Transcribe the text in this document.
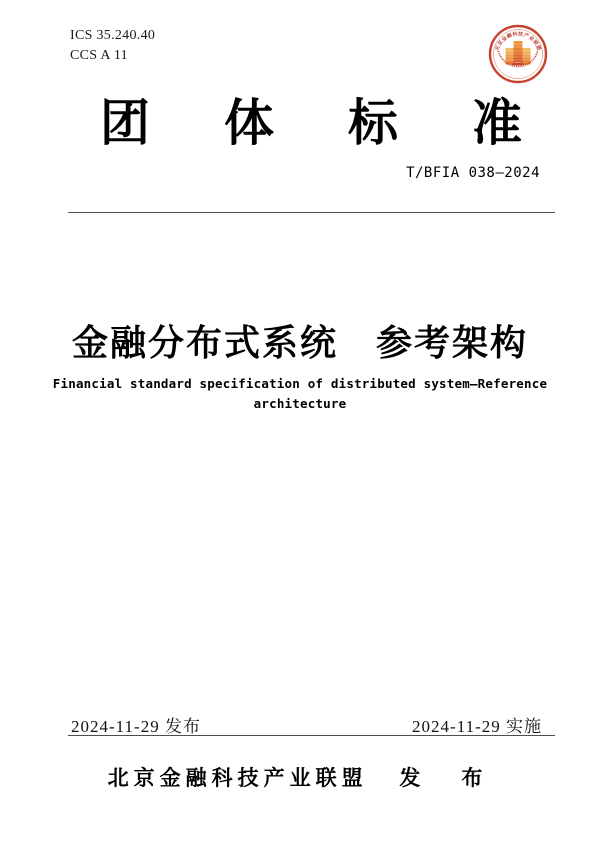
ICS 35.240.40
CCS A 11	北京金融科技产业联盟
团体标准
T/BFIA 038—2024
金融分布式系统　参考架构
Financial standard specification of distributed system—Reference
architecture
2024-11-29 发布	2024-11-29 实施
北京金融科技产业联盟 发　布
